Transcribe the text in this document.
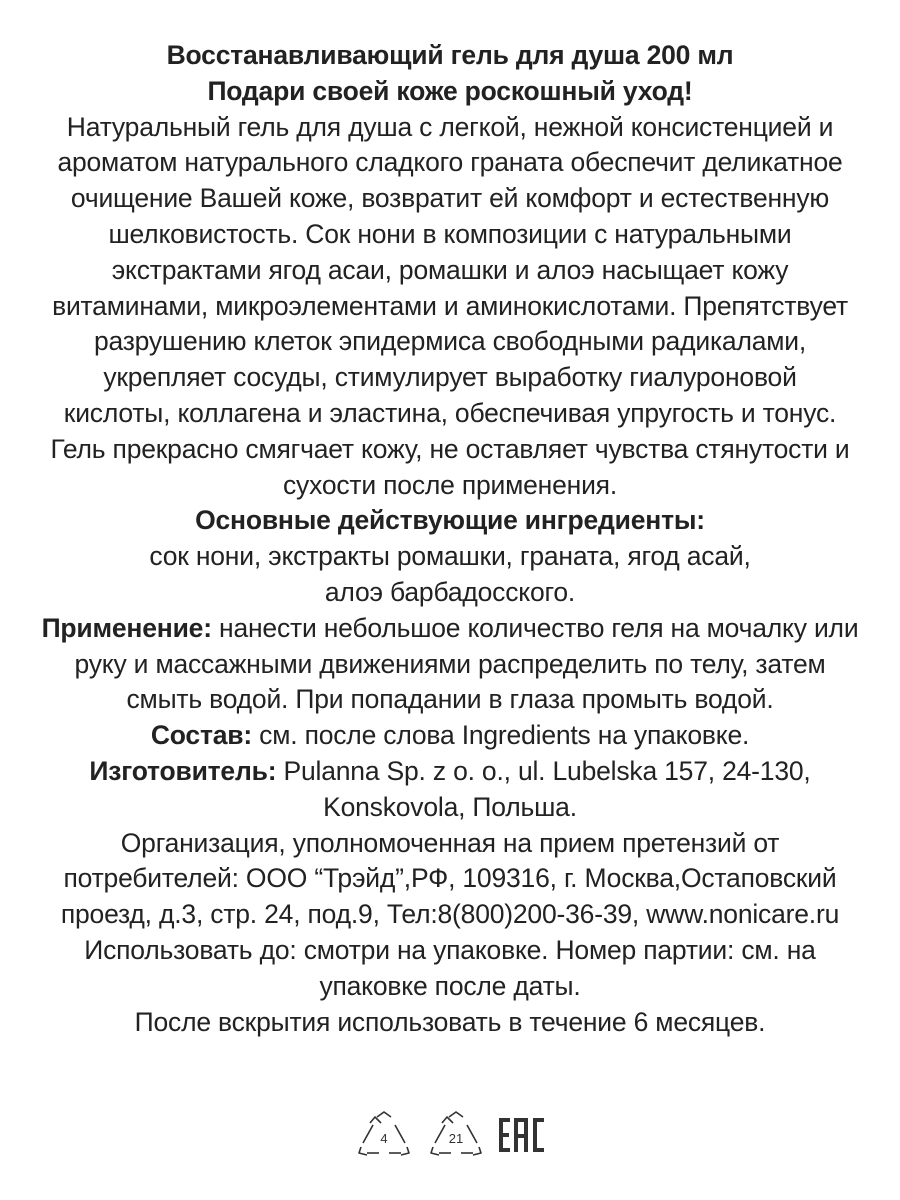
Восстанавливающий гель для душа 200 мл

Подари своей коже роскошный уход!

Натуральный гель для душа с легкой, нежной консистенцией и ароматом натурального сладкого граната обеспечит деликатное очищение Вашей коже, возвратит ей комфорт и естественную шелковистость. Сок нони в композиции с натуральными экстрактами ягод асаи, ромашки и алоэ насыщает кожу витаминами, микроэлементами и аминокислотами. Препятствует разрушению клеток эпидермиса свободными радикалами, укрепляет сосуды, стимулирует выработку гиалуроновой кислоты, коллагена и эластина, обеспечивая упругость и тонус. Гель прекрасно смягчает кожу, не оставляет чувства стянутости и сухости после применения.

Основные действующие ингредиенты:

сок нони, экстракты ромашки, граната, ягод асай, алоэ барбадосского.

Применение: нанести небольшое количество геля на мочалку или руку и массажными движениями распределить по телу, затем смыть водой. При попадании в глаза промыть водой.

Состав: см. после слова Ingredients на упаковке.

Изготовитель: Pulanna Sp. z o. o., ul. Lubelska 157, 24-130, Konskovola, Польша.

Организация, уполномоченная на прием претензий от потребителей: ООО “Трэйд”,РФ, 109316, г. Москва,Остаповский проезд, д.3, стр. 24, под.9, Тел:8(800)200-36-39, www.nonicare.ru

Использовать до: смотри на упаковке. Номер партии: см. на упаковке после даты.

После вскрытия использовать в течение 6 месяцев.

4	21
